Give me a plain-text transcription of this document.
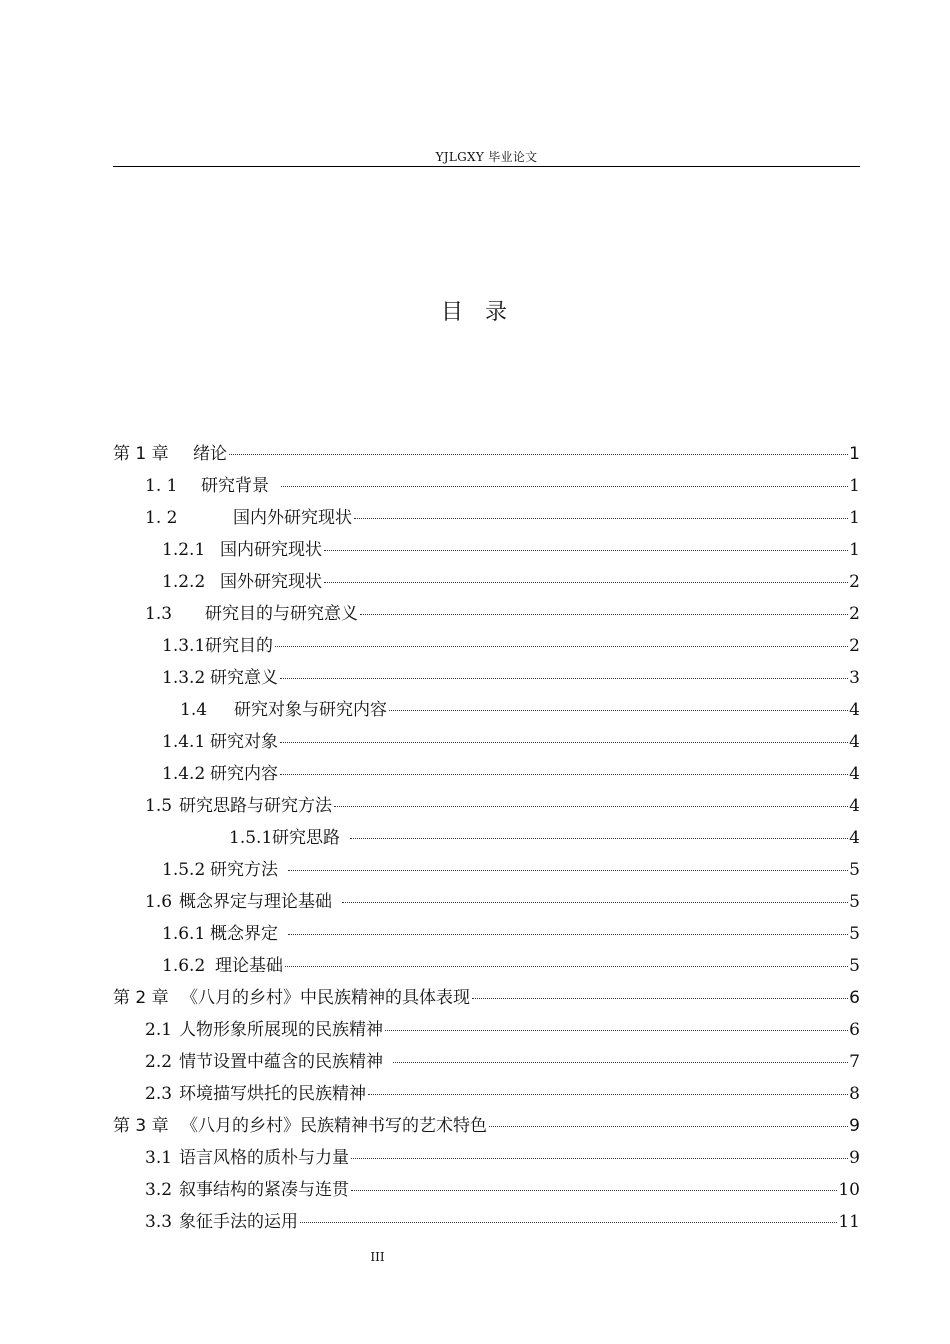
YJLGXY 毕业论文
目录
第 1 章	绪论	1
1. 1	研究背景	1
1. 2	国内外研究现状	1
1.2.1 国内研究现状	1
1.2.2 国外研究现状	2
1.3	研究目的与研究意义	2
1.3.1 研究目的	2
1.3.2 研究意义	3
1.4	研究对象与研究内容	4
1.4.1 研究对象	4
1.4.2 研究内容	4
1.5 研究思路与研究方法	4
1.5.1 研究思路	4
1.5.2 研究方法	5
1.6 概念界定与理论基础	5
1.6.1 概念界定	5
1.6.2 理论基础	5
第 2 章 《八月的乡村》中民族精神的具体表现	6
2.1 人物形象所展现的民族精神	6
2.2 情节设置中蕴含的民族精神	7
2.3 环境描写烘托的民族精神	8
第 3 章 《八月的乡村》民族精神书写的艺术特色	9
3.1 语言风格的质朴与力量	9
3.2 叙事结构的紧凑与连贯	10
3.3 象征手法的运用	11
III
